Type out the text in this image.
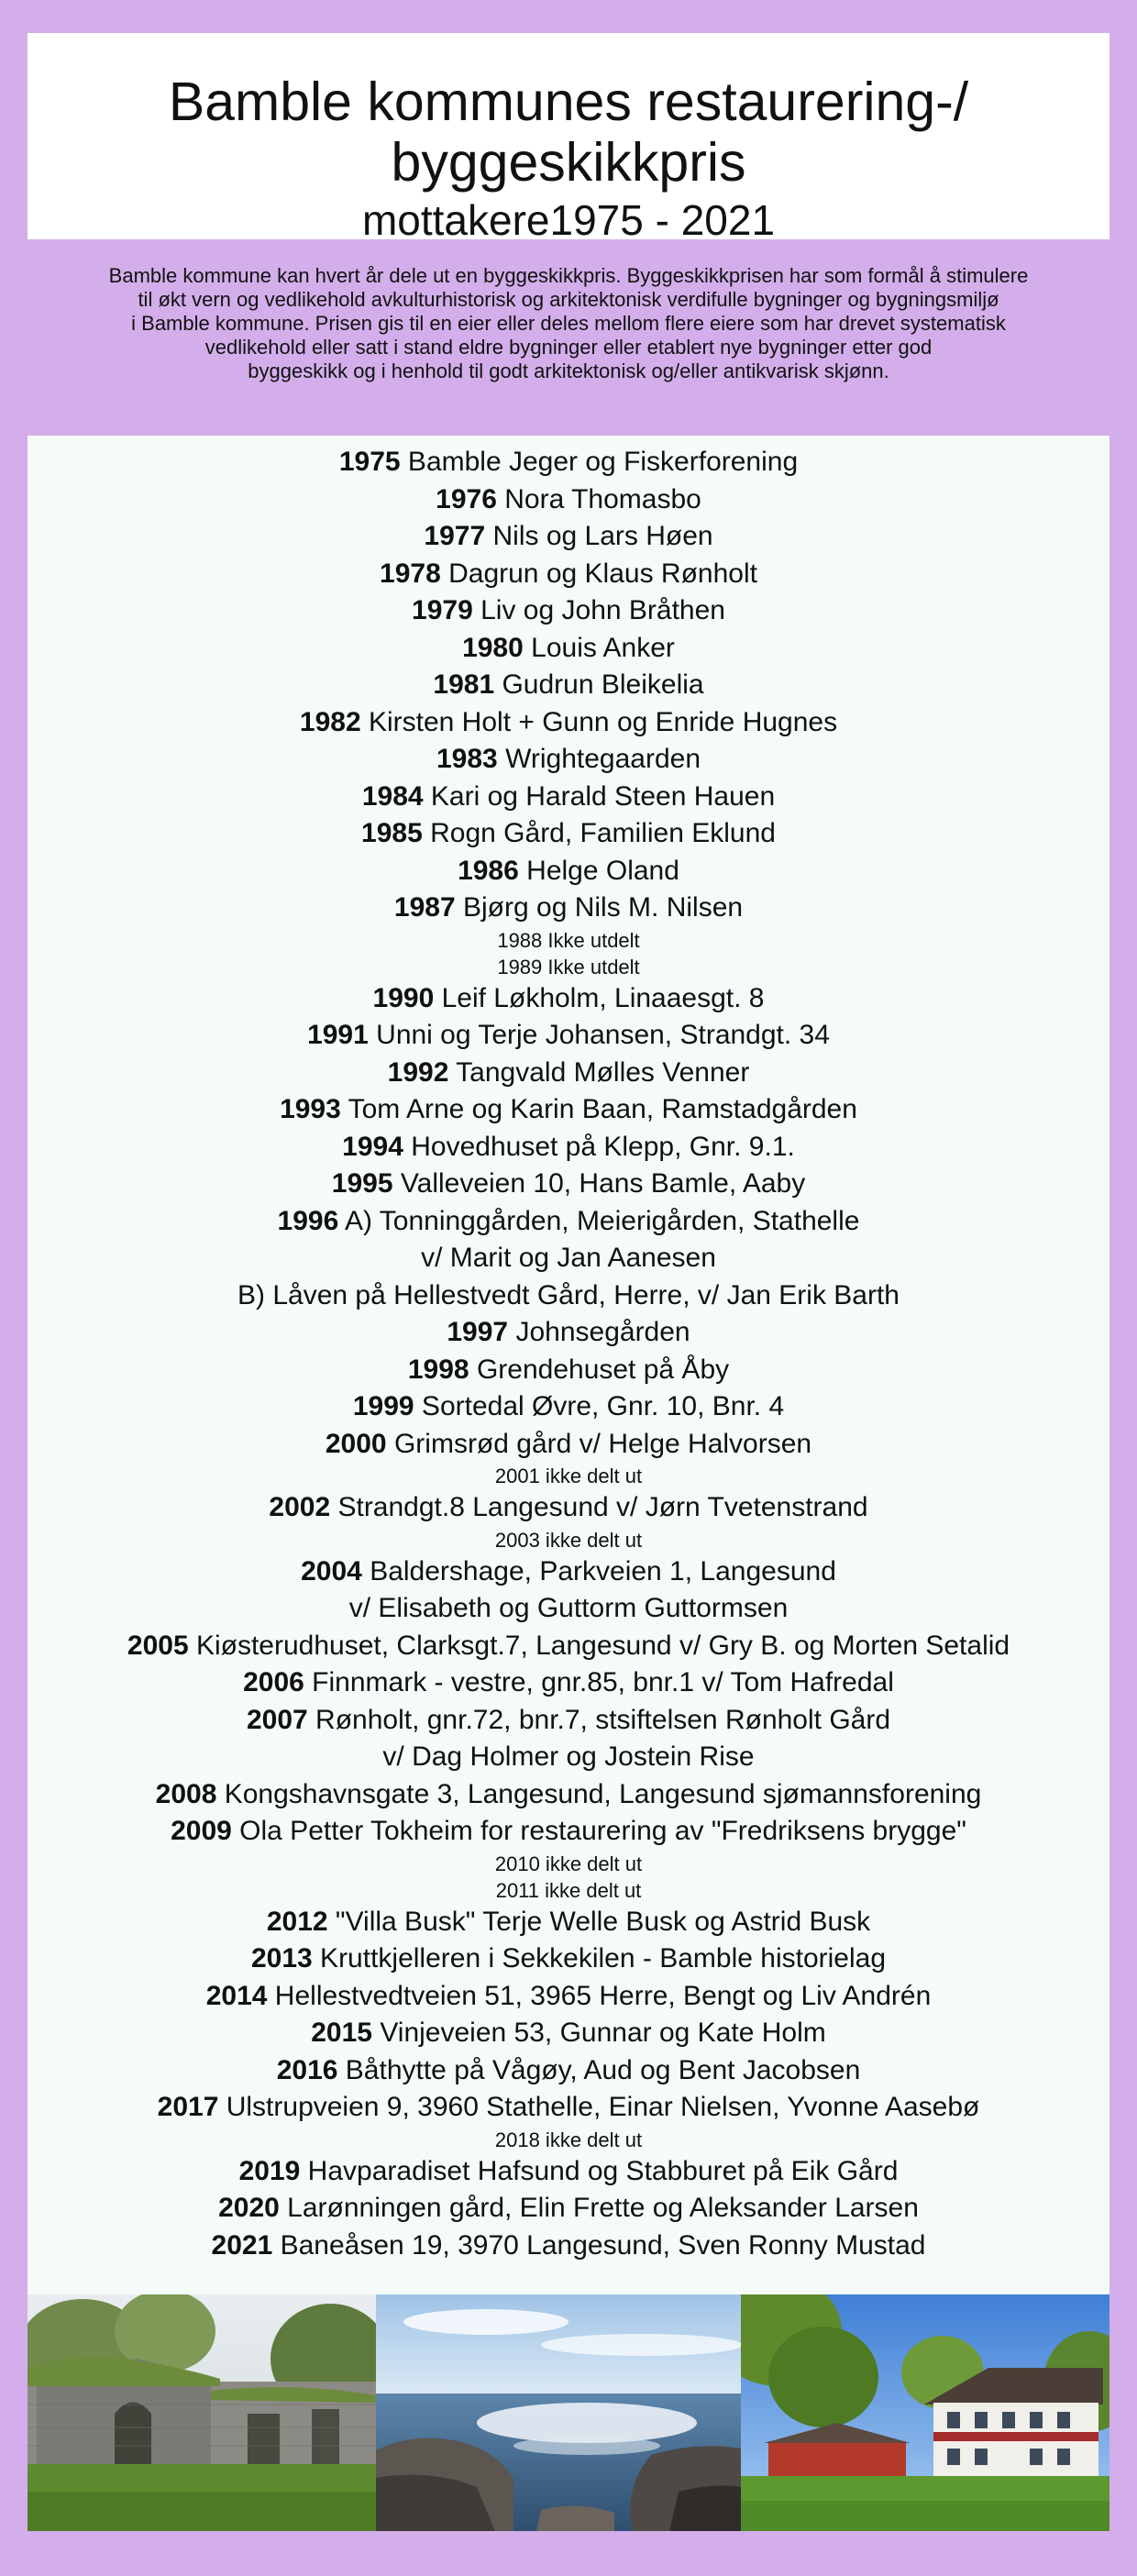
Bamble kommunes restaurering-/ byggeskikkpris
mottakere1975 - 2021

Bamble kommune kan hvert år dele ut en byggeskikkpris. Byggeskikkprisen har som formål å stimulere

til økt vern og vedlikehold avkulturhistorisk og arkitektonisk verdifulle bygninger og bygningsmiljø

i Bamble kommune. Prisen gis til en eier eller deles mellom flere eiere som har drevet systematisk

vedlikehold eller satt i stand eldre bygninger eller etablert nye bygninger etter god

byggeskikk og i henhold til godt arkitektonisk og/eller antikvarisk skjønn.

1975 Bamble Jeger og Fiskerforening
1976 Nora Thomasbo
1977 Nils og Lars Høen
1978 Dagrun og Klaus Rønholt
1979 Liv og John Bråthen
1980 Louis Anker
1981 Gudrun Bleikelia
1982 Kirsten Holt + Gunn og Enride Hugnes
1983 Wrightegaarden
1984 Kari og Harald Steen Hauen
1985 Rogn Gård, Familien Eklund
1986 Helge Oland
1987 Bjørg og Nils M. Nilsen
1988 Ikke utdelt
1989 Ikke utdelt
1990 Leif Løkholm, Linaaesgt. 8
1991 Unni og Terje Johansen, Strandgt. 34
1992 Tangvald Mølles Venner
1993 Tom Arne og Karin Baan, Ramstadgården
1994 Hovedhuset på Klepp, Gnr. 9.1.
1995 Valleveien 10, Hans Bamle, Aaby
1996 A) Tonninggården, Meierigården, Stathelle
v/ Marit og Jan Aanesen
B) Låven på Hellestvedt Gård, Herre, v/ Jan Erik Barth
1997 Johnsegården
1998 Grendehuset på Åby
1999 Sortedal Øvre, Gnr. 10, Bnr. 4
2000 Grimsrød gård v/ Helge Halvorsen
2001 ikke delt ut
2002 Strandgt.8 Langesund v/ Jørn Tvetenstrand
2003 ikke delt ut
2004 Baldershage, Parkveien 1, Langesund
v/ Elisabeth og Guttorm Guttormsen
2005 Kiøsterudhuset, Clarksgt.7, Langesund v/ Gry B. og Morten Setalid
2006 Finnmark - vestre, gnr.85, bnr.1 v/ Tom Hafredal
2007 Rønholt, gnr.72, bnr.7, stsiftelsen Rønholt Gård
v/ Dag Holmer og Jostein Rise
2008 Kongshavnsgate 3, Langesund, Langesund sjømannsforening
2009 Ola Petter Tokheim for restaurering av "Fredriksens brygge"
2010 ikke delt ut
2011 ikke delt ut
2012 "Villa Busk" Terje Welle Busk og Astrid Busk
2013 Kruttkjelleren i Sekkekilen - Bamble historielag
2014 Hellestvedtveien 51, 3965 Herre, Bengt og Liv Andrén
2015 Vinjeveien 53, Gunnar og Kate Holm
2016 Båthytte på Vågøy, Aud og Bent Jacobsen
2017 Ulstrupveien 9, 3960 Stathelle, Einar Nielsen, Yvonne Aasebø
2018 ikke delt ut
2019 Havparadiset Hafsund og Stabburet på Eik Gård
2020 Larønningen gård, Elin Frette og Aleksander Larsen
2021 Baneåsen 19, 3970 Langesund, Sven Ronny Mustad
